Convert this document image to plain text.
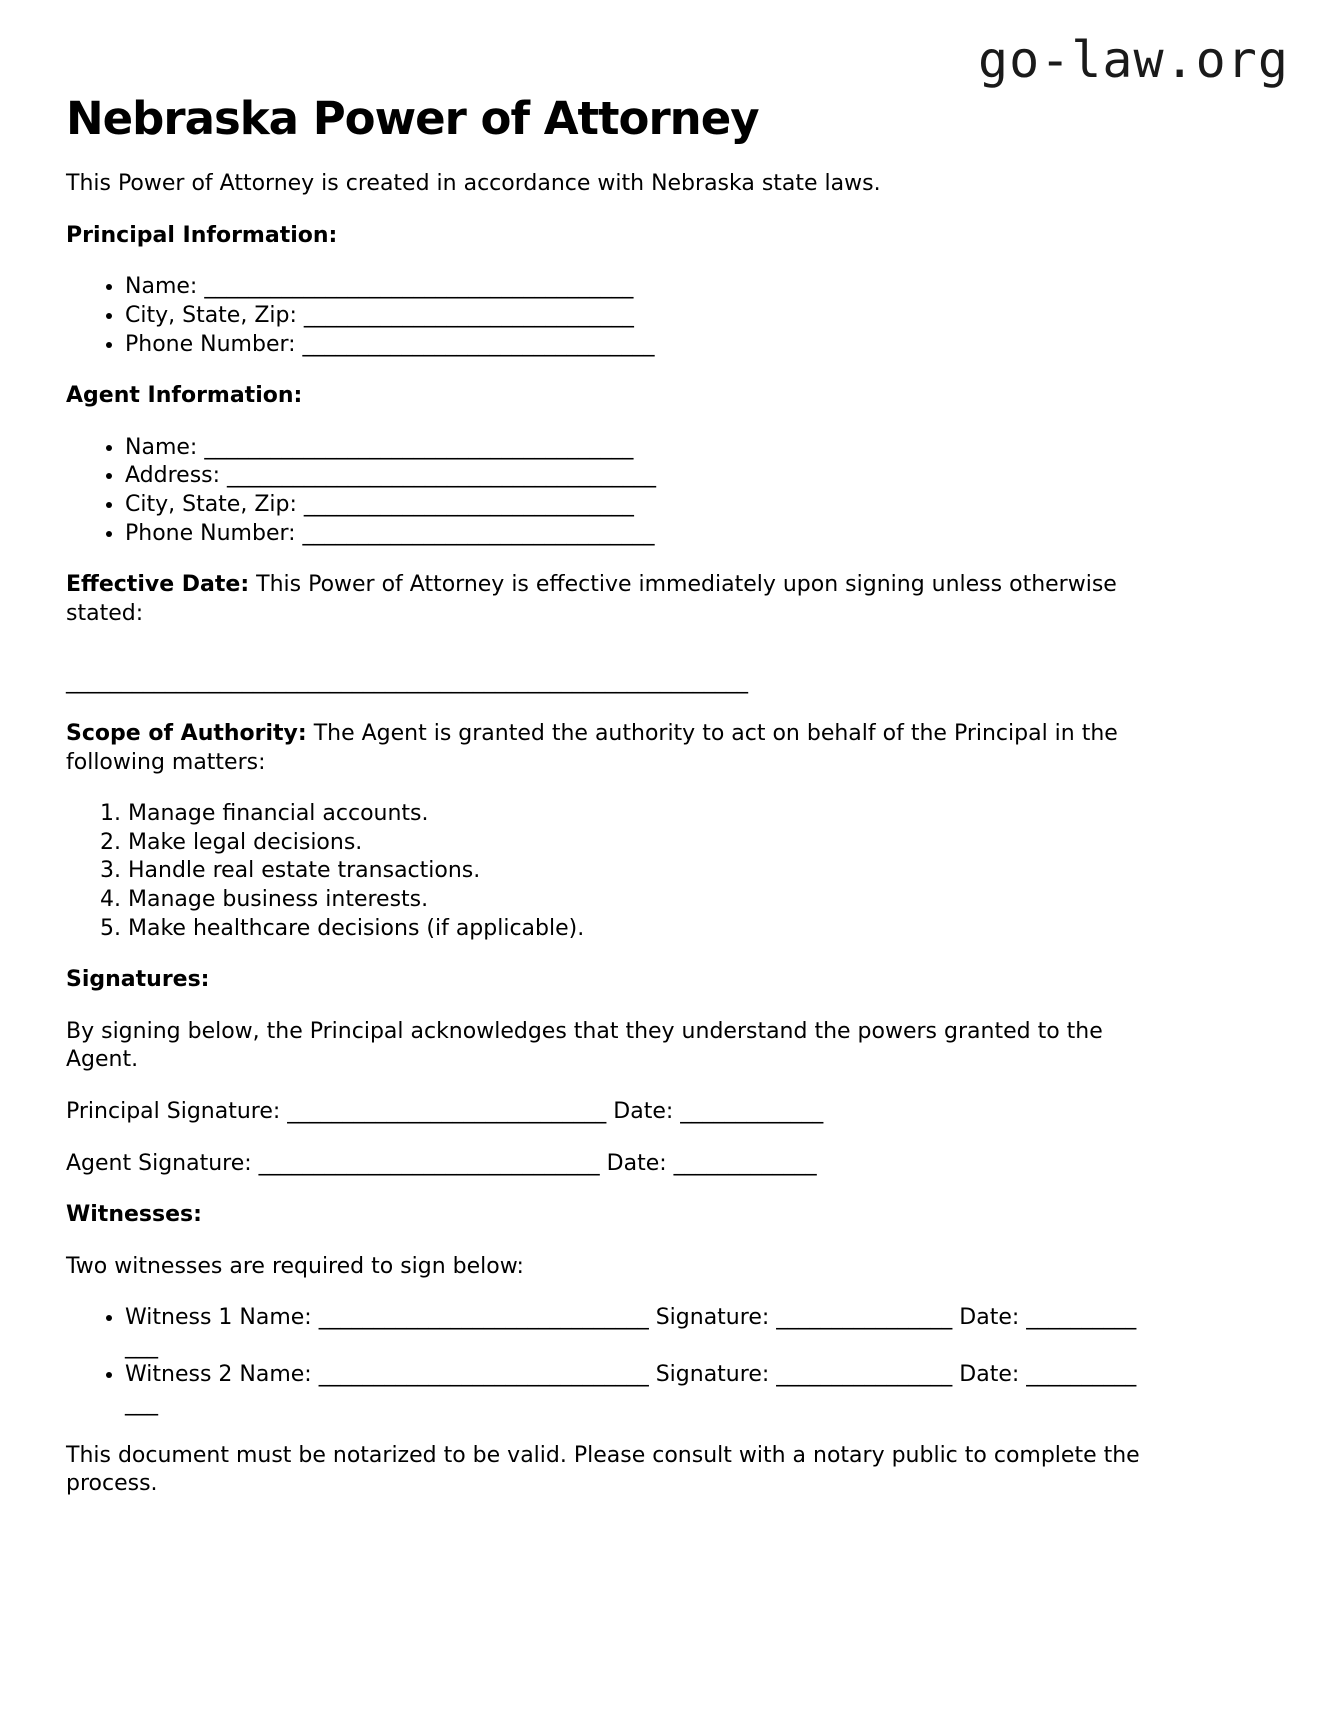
go-law.org
Nebraska Power of Attorney

This Power of Attorney is created in accordance with Nebraska state laws.

Principal Information:

• Name: _______________________________________
• City, State, Zip: ______________________________
• Phone Number: ________________________________

Agent Information:

• Name: _______________________________________
• Address: _______________________________________
• City, State, Zip: ______________________________
• Phone Number: ________________________________

Effective Date: This Power of Attorney is effective immediately upon signing unless otherwise stated:

______________________________________________________________

Scope of Authority: The Agent is granted the authority to act on behalf of the Principal in the following matters:

1. Manage financial accounts.
2. Make legal decisions.
3. Handle real estate transactions.
4. Manage business interests.
5. Make healthcare decisions (if applicable).

Signatures:

By signing below, the Principal acknowledges that they understand the powers granted to the Agent.

Principal Signature: _____________________________ Date: _____________

Agent Signature: _______________________________ Date: _____________

Witnesses:

Two witnesses are required to sign below:

• Witness 1 Name: ______________________________ Signature: ________________ Date: _____________
• Witness 2 Name: ______________________________ Signature: ________________ Date: _____________

This document must be notarized to be valid. Please consult with a notary public to complete the process.
